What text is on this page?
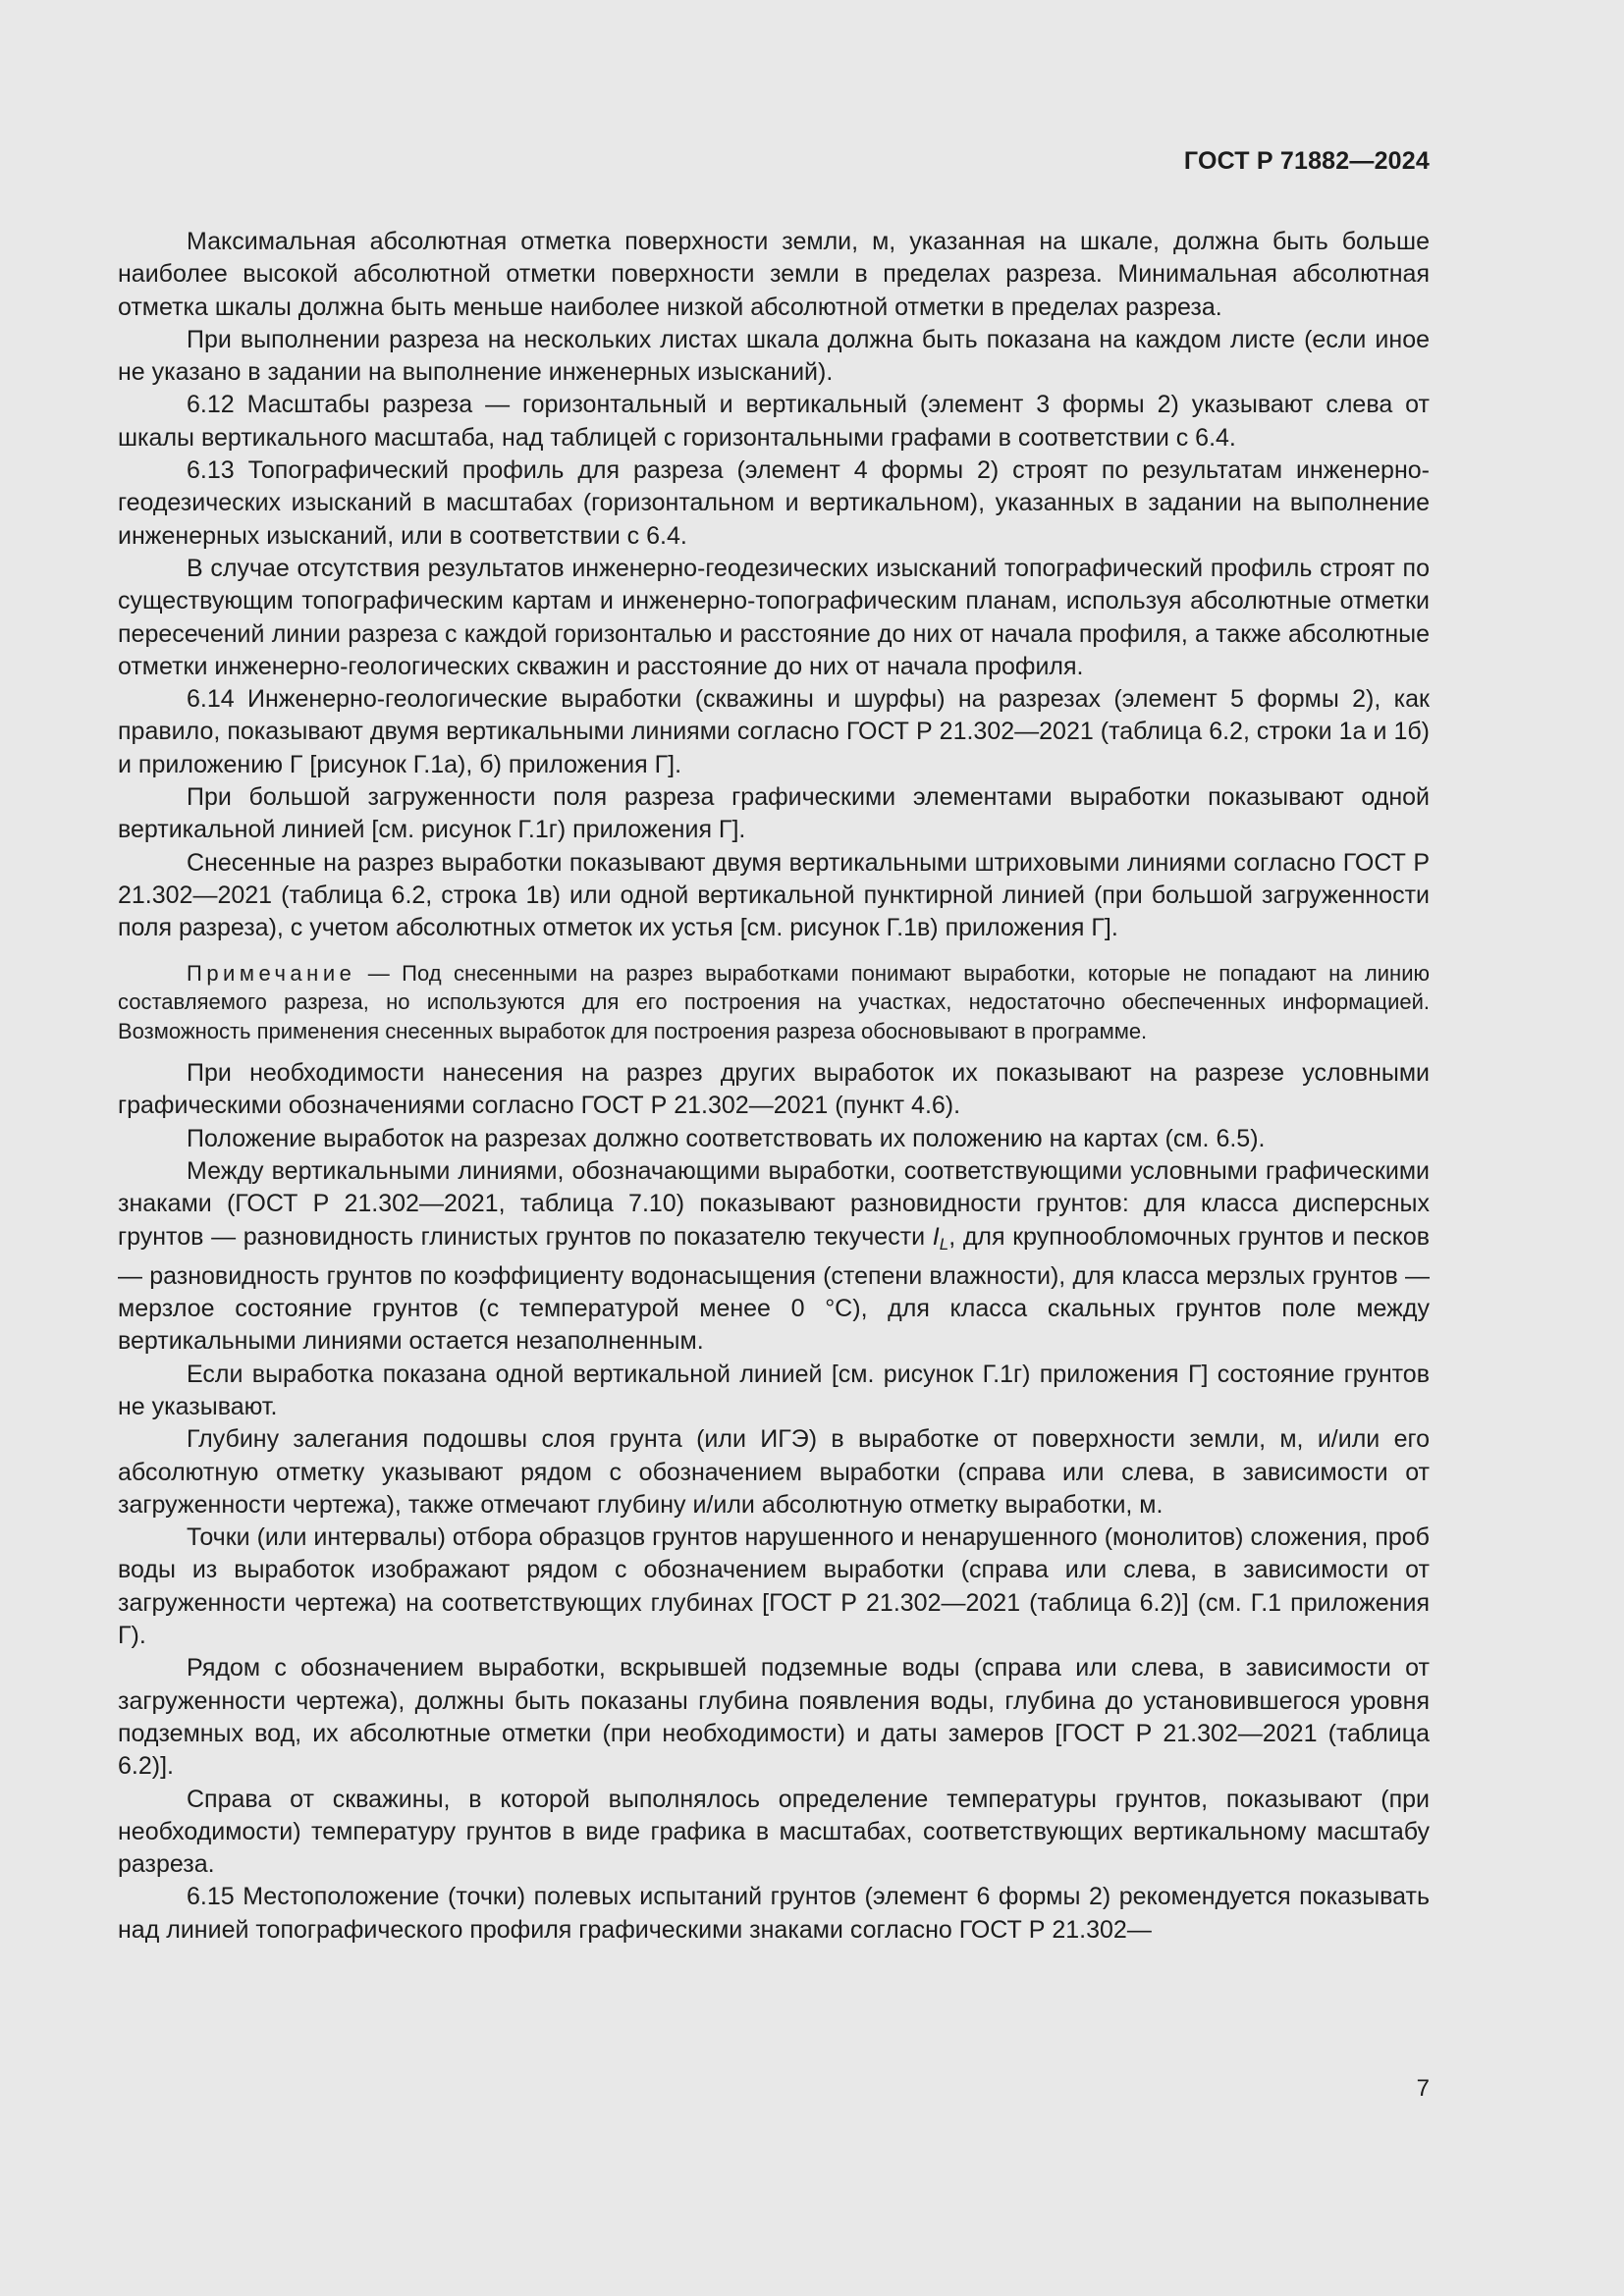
ГОСТ Р 71882—2024

Максимальная абсолютная отметка поверхности земли, м, указанная на шкале, должна быть больше наиболее высокой абсолютной отметки поверхности земли в пределах разреза. Минимальная абсолютная отметка шкалы должна быть меньше наиболее низкой абсолютной отметки в пределах разреза.

При выполнении разреза на нескольких листах шкала должна быть показана на каждом листе (если иное не указано в задании на выполнение инженерных изысканий).

6.12 Масштабы разреза — горизонтальный и вертикальный (элемент 3 формы 2) указывают слева от шкалы вертикального масштаба, над таблицей с горизонтальными графами в соответствии с 6.4.

6.13 Топографический профиль для разреза (элемент 4 формы 2) строят по результатам инженерно-геодезических изысканий в масштабах (горизонтальном и вертикальном), указанных в задании на выполнение инженерных изысканий, или в соответствии с 6.4.

В случае отсутствия результатов инженерно-геодезических изысканий топографический профиль строят по существующим топографическим картам и инженерно-топографическим планам, используя абсолютные отметки пересечений линии разреза с каждой горизонталью и расстояние до них от начала профиля, а также абсолютные отметки инженерно-геологических скважин и расстояние до них от начала профиля.

6.14 Инженерно-геологические выработки (скважины и шурфы) на разрезах (элемент 5 формы 2), как правило, показывают двумя вертикальными линиями согласно ГОСТ Р 21.302—2021 (таблица 6.2, строки 1а и 1б) и приложению Г [рисунок Г.1а), б) приложения Г].

При большой загруженности поля разреза графическими элементами выработки показывают одной вертикальной линией [см. рисунок Г.1г) приложения Г].

Снесенные на разрез выработки показывают двумя вертикальными штриховыми линиями согласно ГОСТ Р 21.302—2021 (таблица 6.2, строка 1в) или одной вертикальной пунктирной линией (при большой загруженности поля разреза), с учетом абсолютных отметок их устья [см. рисунок Г.1в) приложения Г].

Примечание — Под снесенными на разрез выработками понимают выработки, которые не попадают на линию составляемого разреза, но используются для его построения на участках, недостаточно обеспеченных информацией. Возможность применения снесенных выработок для построения разреза обосновывают в программе.

При необходимости нанесения на разрез других выработок их показывают на разрезе условными графическими обозначениями согласно ГОСТ Р 21.302—2021 (пункт 4.6).

Положение выработок на разрезах должно соответствовать их положению на картах (см. 6.5).

Между вертикальными линиями, обозначающими выработки, соответствующими условными графическими знаками (ГОСТ Р 21.302—2021, таблица 7.10) показывают разновидности грунтов: для класса дисперсных грунтов — разновидность глинистых грунтов по показателю текучести $I_L$, для крупнообломочных грунтов и песков — разновидность грунтов по коэффициенту водонасыщения (степени влажности), для класса мерзлых грунтов — мерзлое состояние грунтов (с температурой менее 0 °С), для класса скальных грунтов поле между вертикальными линиями остается незаполненным.

Если выработка показана одной вертикальной линией [см. рисунок Г.1г) приложения Г] состояние грунтов не указывают.

Глубину залегания подошвы слоя грунта (или ИГЭ) в выработке от поверхности земли, м, и/или его абсолютную отметку указывают рядом с обозначением выработки (справа или слева, в зависимости от загруженности чертежа), также отмечают глубину и/или абсолютную отметку выработки, м.

Точки (или интервалы) отбора образцов грунтов нарушенного и ненарушенного (монолитов) сложения, проб воды из выработок изображают рядом с обозначением выработки (справа или слева, в зависимости от загруженности чертежа) на соответствующих глубинах [ГОСТ Р 21.302—2021 (таблица 6.2)] (см. Г.1 приложения Г).

Рядом с обозначением выработки, вскрывшей подземные воды (справа или слева, в зависимости от загруженности чертежа), должны быть показаны глубина появления воды, глубина до установившегося уровня подземных вод, их абсолютные отметки (при необходимости) и даты замеров [ГОСТ Р 21.302—2021 (таблица 6.2)].

Справа от скважины, в которой выполнялось определение температуры грунтов, показывают (при необходимости) температуру грунтов в виде графика в масштабах, соответствующих вертикальному масштабу разреза.

6.15 Местоположение (точки) полевых испытаний грунтов (элемент 6 формы 2) рекомендуется показывать над линией топографического профиля графическими знаками согласно ГОСТ Р 21.302—

7
